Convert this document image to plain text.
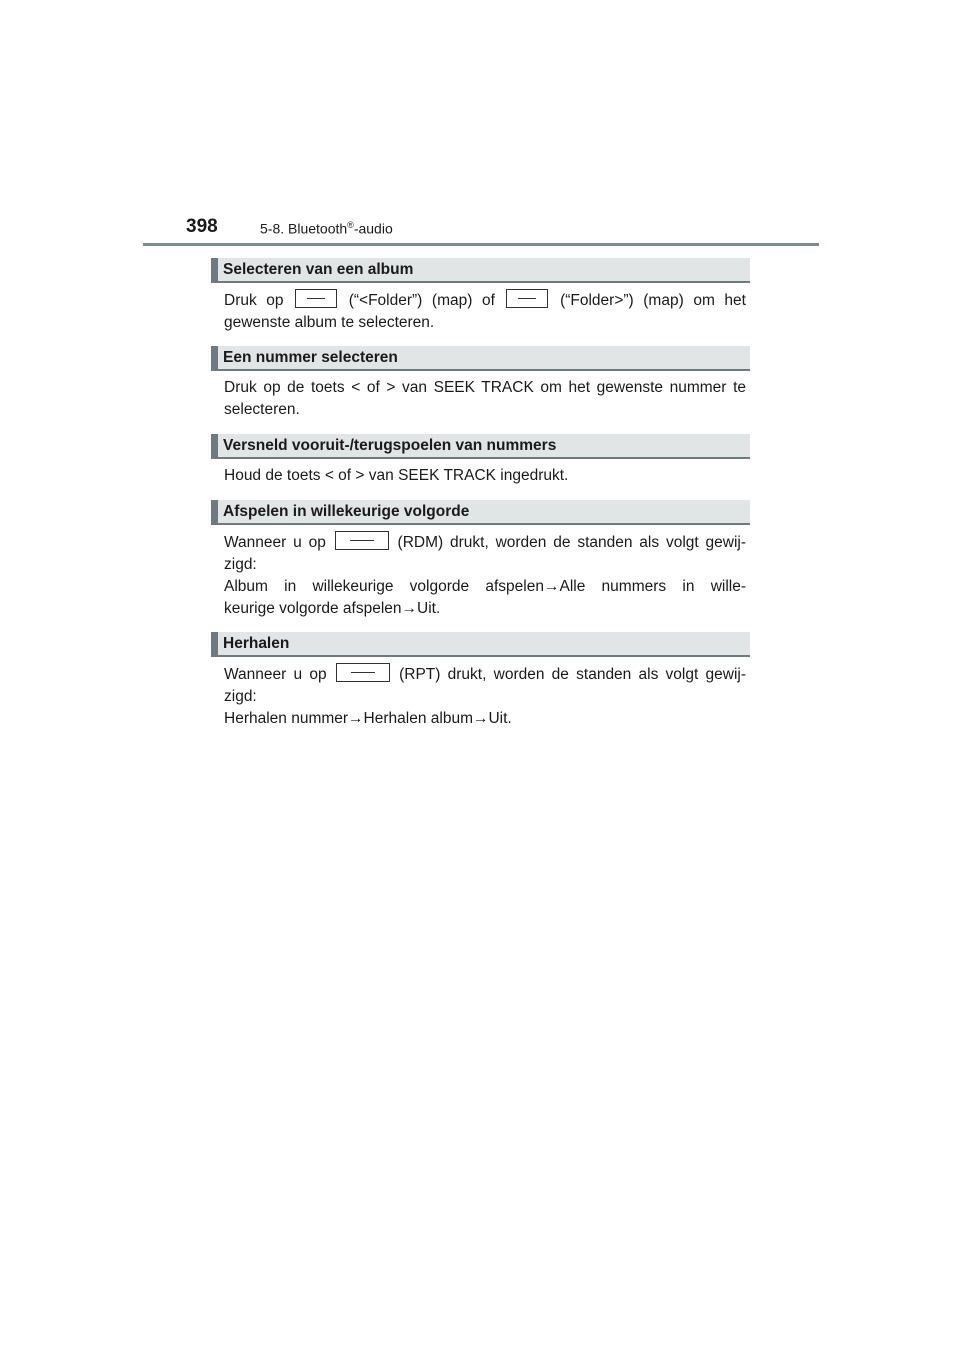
398	5-8. Bluetooth®-audio
Selecteren van een album
Druk op	(“<Folder”) (map) of	(“Folder>”) (map) om het
gewenste album te selecteren.
Een nummer selecteren
Druk op de toets < of > van SEEK TRACK om het gewenste nummer te selecteren.
Versneld vooruit-/terugspoelen van nummers
Houd de toets < of > van SEEK TRACK ingedrukt.
Afspelen in willekeurige volgorde
Wanneer u op	(RDM) drukt, worden de standen als volgt gewij-
zigd:
Album in willekeurige volgorde afspelen→Alle nummers in wille-
keurige volgorde afspelen→Uit.
Herhalen
Wanneer u op	(RPT) drukt, worden de standen als volgt gewij-
zigd:
Herhalen nummer→Herhalen album→Uit.
